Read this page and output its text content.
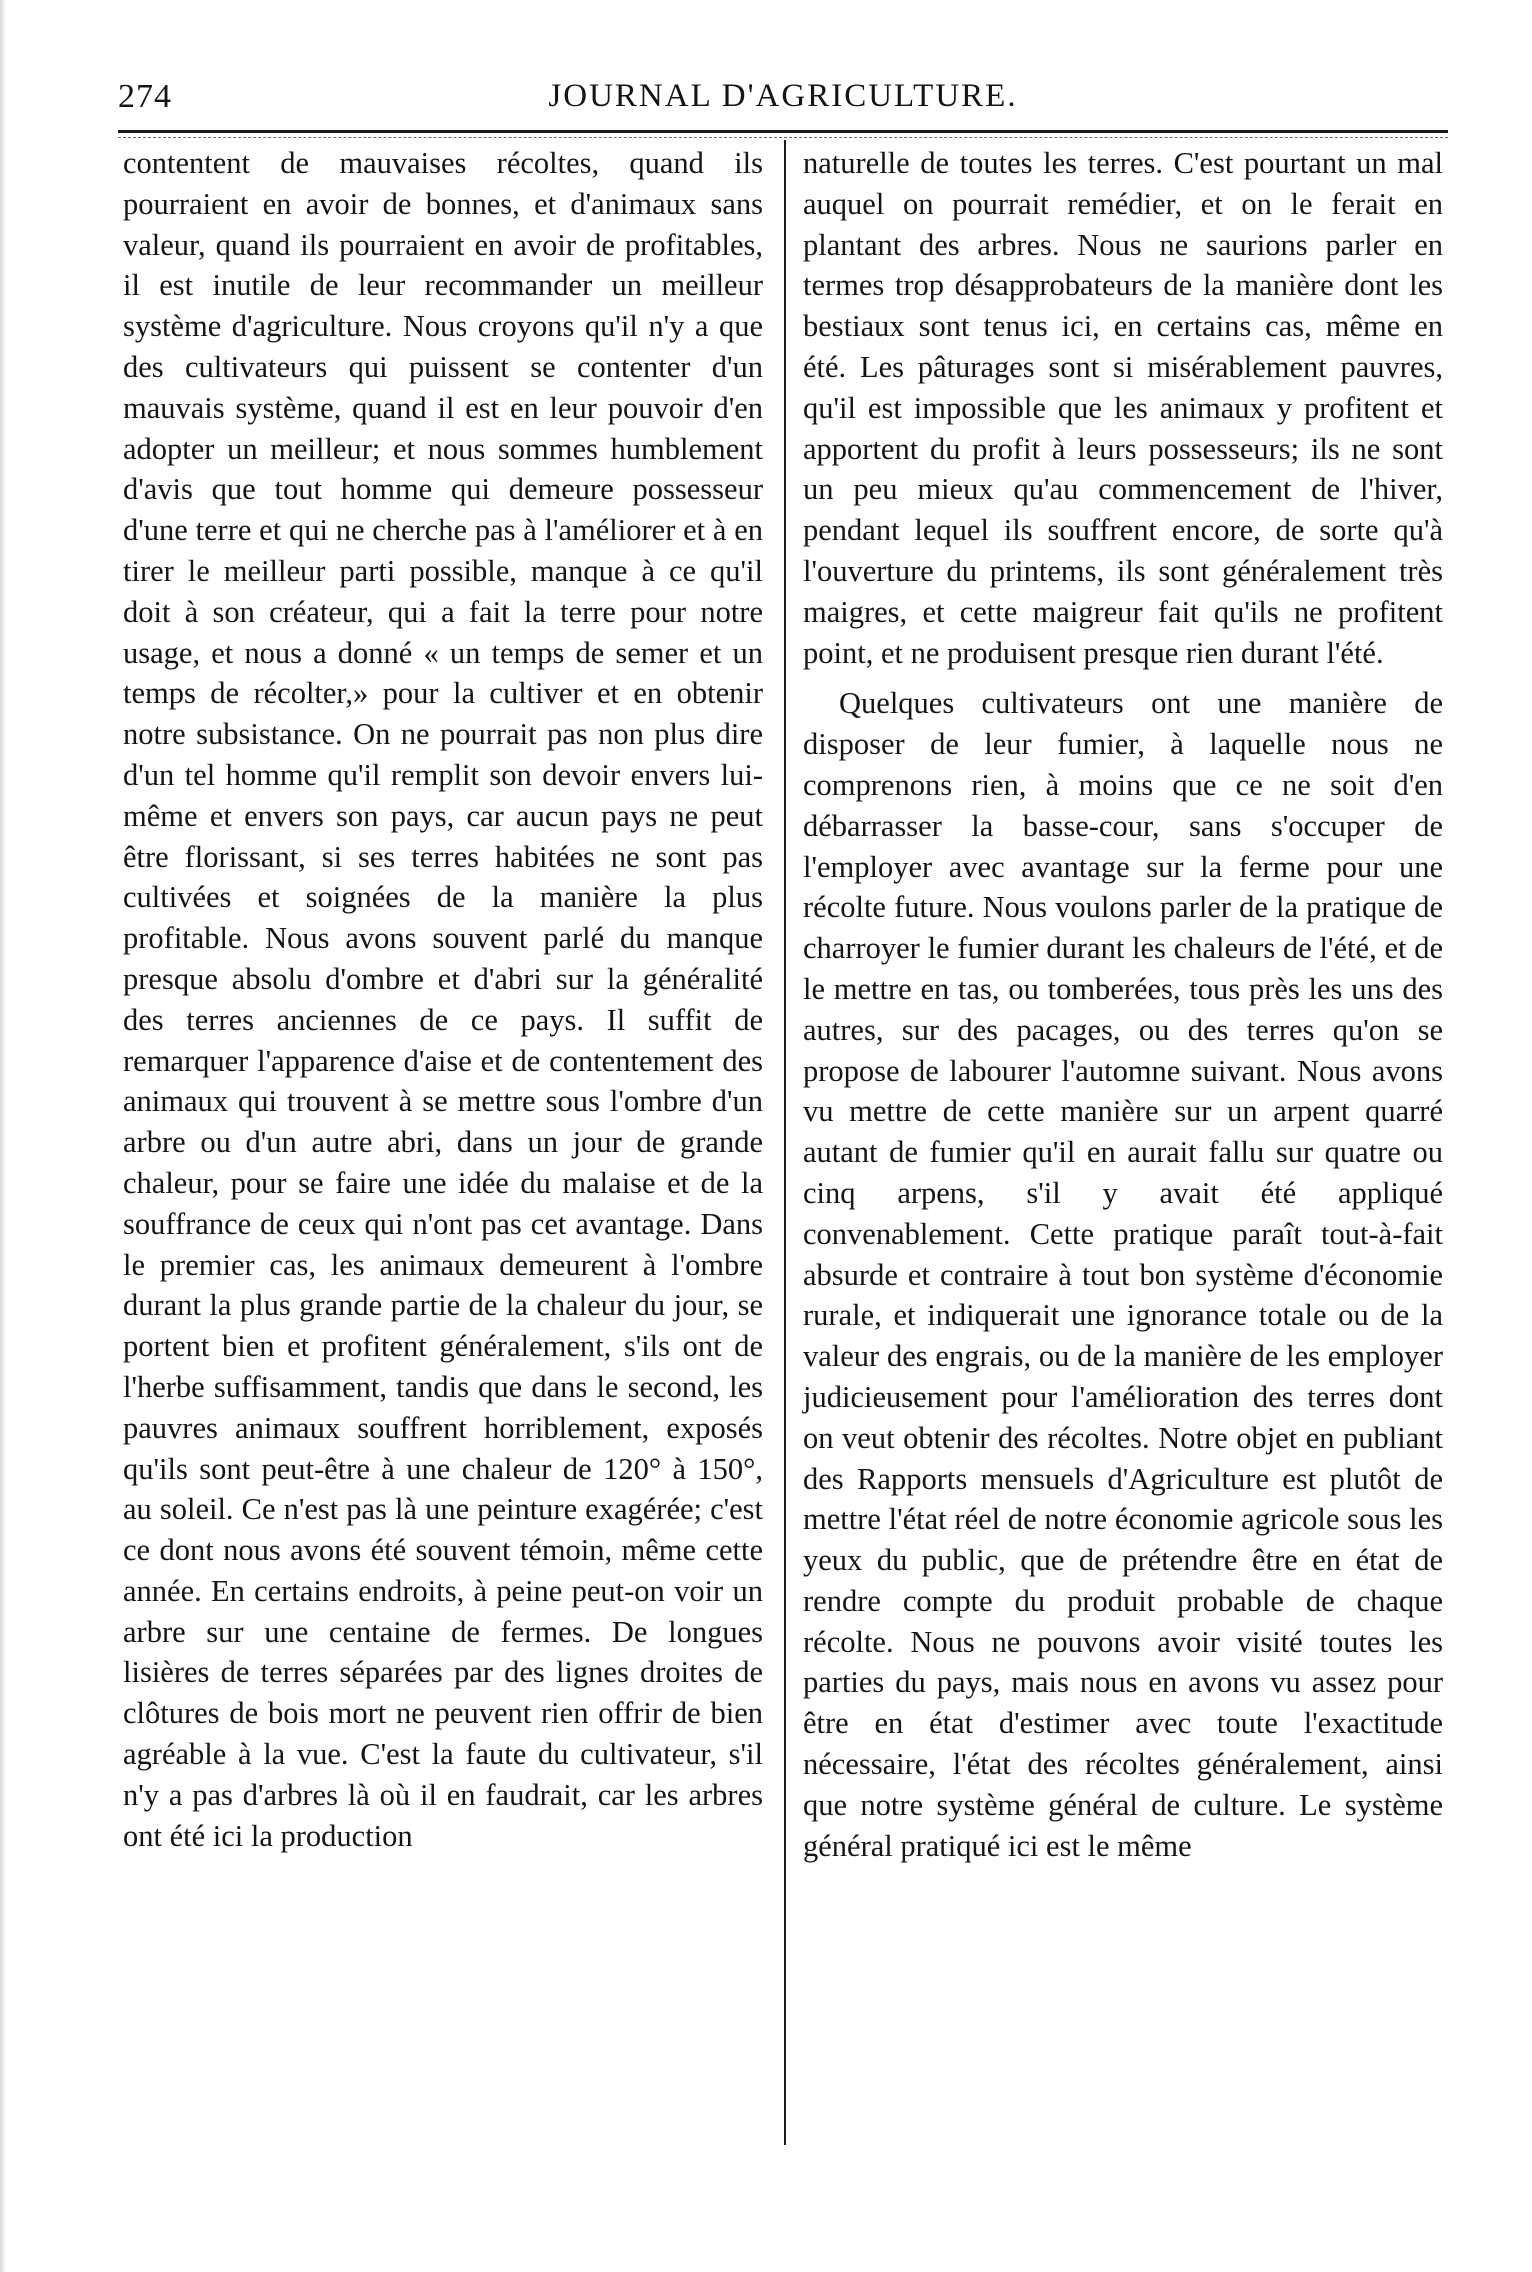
274	JOURNAL D'AGRICULTURE.

contentent de mauvaises récoltes, quand ils pourraient en avoir de bonnes, et d'animaux sans valeur, quand ils pourraient en avoir de profitables, il est inutile de leur recommander un meilleur système d'agriculture. Nous croyons qu'il n'y a que des cultivateurs qui puissent se contenter d'un mauvais système, quand il est en leur pouvoir d'en adopter un meilleur; et nous sommes humblement d'avis que tout homme qui demeure possesseur d'une terre et qui ne cherche pas à l'améliorer et à en tirer le meilleur parti possible, manque à ce qu'il doit à son créateur, qui a fait la terre pour notre usage, et nous a donné « un temps de semer et un temps de récolter,» pour la cultiver et en obtenir notre subsistance. On ne pourrait pas non plus dire d'un tel homme qu'il remplit son devoir envers lui-même et envers son pays, car aucun pays ne peut être florissant, si ses terres habitées ne sont pas cultivées et soignées de la manière la plus profitable. Nous avons souvent parlé du manque presque absolu d'ombre et d'abri sur la généralité des terres anciennes de ce pays. Il suffit de remarquer l'apparence d'aise et de contentement des animaux qui trouvent à se mettre sous l'ombre d'un arbre ou d'un autre abri, dans un jour de grande chaleur, pour se faire une idée du malaise et de la souffrance de ceux qui n'ont pas cet avantage. Dans le premier cas, les animaux demeurent à l'ombre durant la plus grande partie de la chaleur du jour, se portent bien et profitent généralement, s'ils ont de l'herbe suffisamment, tandis que dans le second, les pauvres animaux souffrent horriblement, exposés qu'ils sont peut-être à une chaleur de 120° à 150°, au soleil. Ce n'est pas là une peinture exagérée; c'est ce dont nous avons été souvent témoin, même cette année. En certains endroits, à peine peut-on voir un arbre sur une centaine de fermes. De longues lisières de terres séparées par des lignes droites de clôtures de bois mort ne peuvent rien offrir de bien agréable à la vue. C'est la faute du cultivateur, s'il n'y a pas d'arbres là où il en faudrait, car les arbres ont été ici la production

naturelle de toutes les terres. C'est pourtant un mal auquel on pourrait remédier, et on le ferait en plantant des arbres. Nous ne saurions parler en termes trop désapprobateurs de la manière dont les bestiaux sont tenus ici, en certains cas, même en été. Les pâturages sont si misérablement pauvres, qu'il est impossible que les animaux y profitent et apportent du profit à leurs possesseurs; ils ne sont un peu mieux qu'au commencement de l'hiver, pendant lequel ils souffrent encore, de sorte qu'à l'ouverture du printems, ils sont généralement très maigres, et cette maigreur fait qu'ils ne profitent point, et ne produisent presque rien durant l'été.

Quelques cultivateurs ont une manière de disposer de leur fumier, à laquelle nous ne comprenons rien, à moins que ce ne soit d'en débarrasser la basse-cour, sans s'occuper de l'employer avec avantage sur la ferme pour une récolte future. Nous voulons parler de la pratique de charroyer le fumier durant les chaleurs de l'été, et de le mettre en tas, ou tomberées, tous près les uns des autres, sur des pacages, ou des terres qu'on se propose de labourer l'automne suivant. Nous avons vu mettre de cette manière sur un arpent quarré autant de fumier qu'il en aurait fallu sur quatre ou cinq arpens, s'il y avait été appliqué convenablement. Cette pratique paraît tout-à-fait absurde et contraire à tout bon système d'économie rurale, et indiquerait une ignorance totale ou de la valeur des engrais, ou de la manière de les employer judicieusement pour l'amélioration des terres dont on veut obtenir des récoltes. Notre objet en publiant des Rapports mensuels d'Agriculture est plutôt de mettre l'état réel de notre économie agricole sous les yeux du public, que de prétendre être en état de rendre compte du produit probable de chaque récolte. Nous ne pouvons avoir visité toutes les parties du pays, mais nous en avons vu assez pour être en état d'estimer avec toute l'exactitude nécessaire, l'état des récoltes généralement, ainsi que notre système général de culture. Le système général pratiqué ici est le même
